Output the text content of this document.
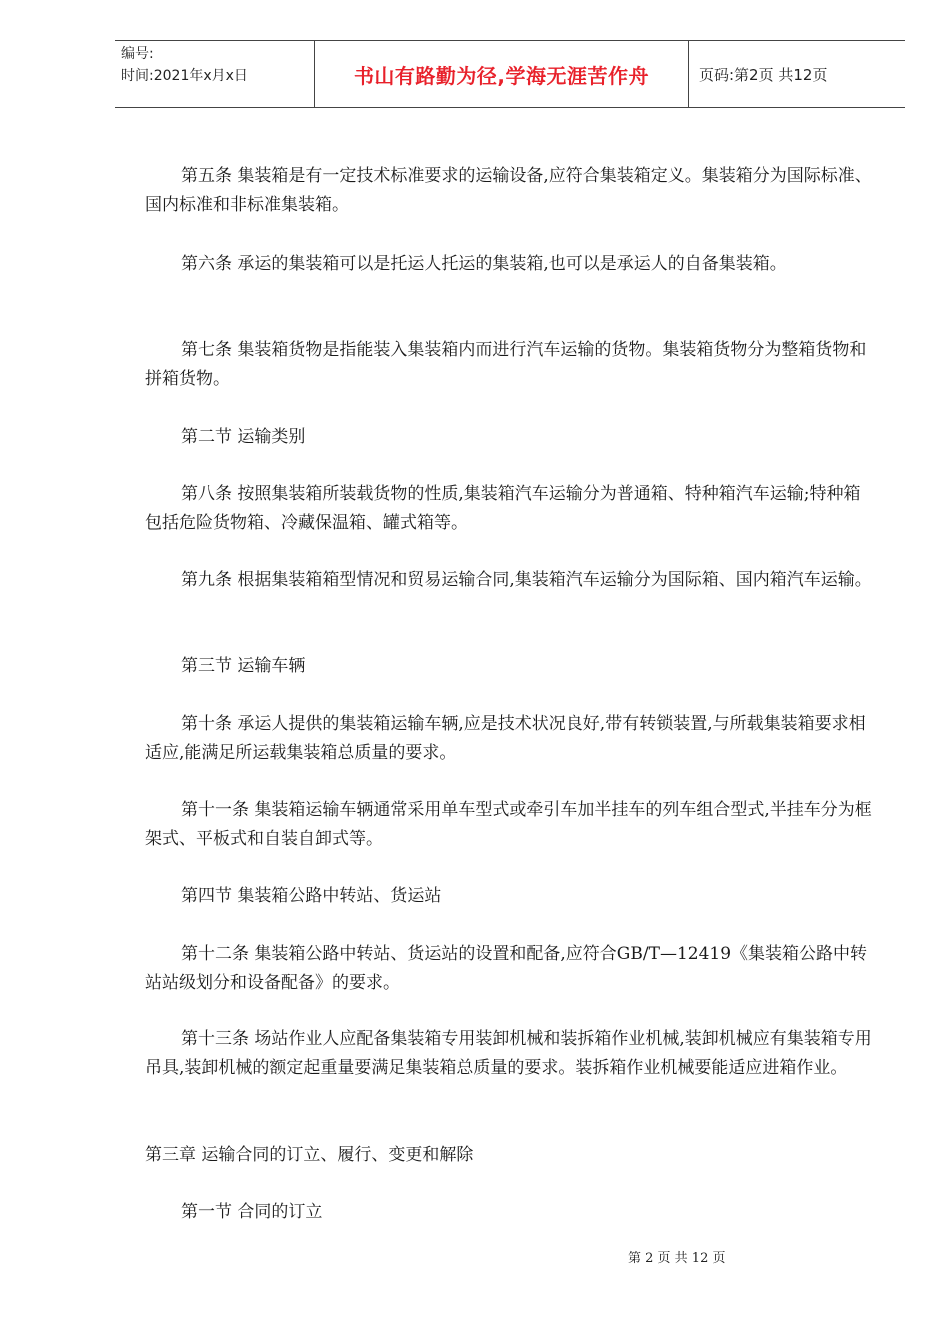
编号:
时间:2021年x月x日	书山有路勤为径,学海无涯苦作舟	页码:第2页 共12页

第五条 集装箱是有一定技术标准要求的运输设备,应符合集装箱定义。集装箱分为国际标准、国内标准和非标准集装箱。

第六条 承运的集装箱可以是托运人托运的集装箱,也可以是承运人的自备集装箱。

第七条 集装箱货物是指能装入集装箱内而进行汽车运输的货物。集装箱货物分为整箱货物和拼箱货物。

第二节 运输类别

第八条 按照集装箱所装载货物的性质,集装箱汽车运输分为普通箱、特种箱汽车运输;特种箱包括危险货物箱、冷藏保温箱、罐式箱等。

第九条 根据集装箱箱型情况和贸易运输合同,集装箱汽车运输分为国际箱、国内箱汽车运输。

第三节 运输车辆

第十条 承运人提供的集装箱运输车辆,应是技术状况良好,带有转锁装置,与所载集装箱要求相适应,能满足所运载集装箱总质量的要求。

第十一条 集装箱运输车辆通常采用单车型式或牵引车加半挂车的列车组合型式,半挂车分为框架式、平板式和自装自卸式等。

第四节 集装箱公路中转站、货运站

第十二条 集装箱公路中转站、货运站的设置和配备,应符合GB/T—12419《集装箱公路中转站站级划分和设备配备》的要求。

第十三条 场站作业人应配备集装箱专用装卸机械和装拆箱作业机械,装卸机械应有集装箱专用吊具,装卸机械的额定起重量要满足集装箱总质量的要求。装拆箱作业机械要能适应进箱作业。

第三章 运输合同的订立、履行、变更和解除

第一节 合同的订立

第 2 页 共 12 页
